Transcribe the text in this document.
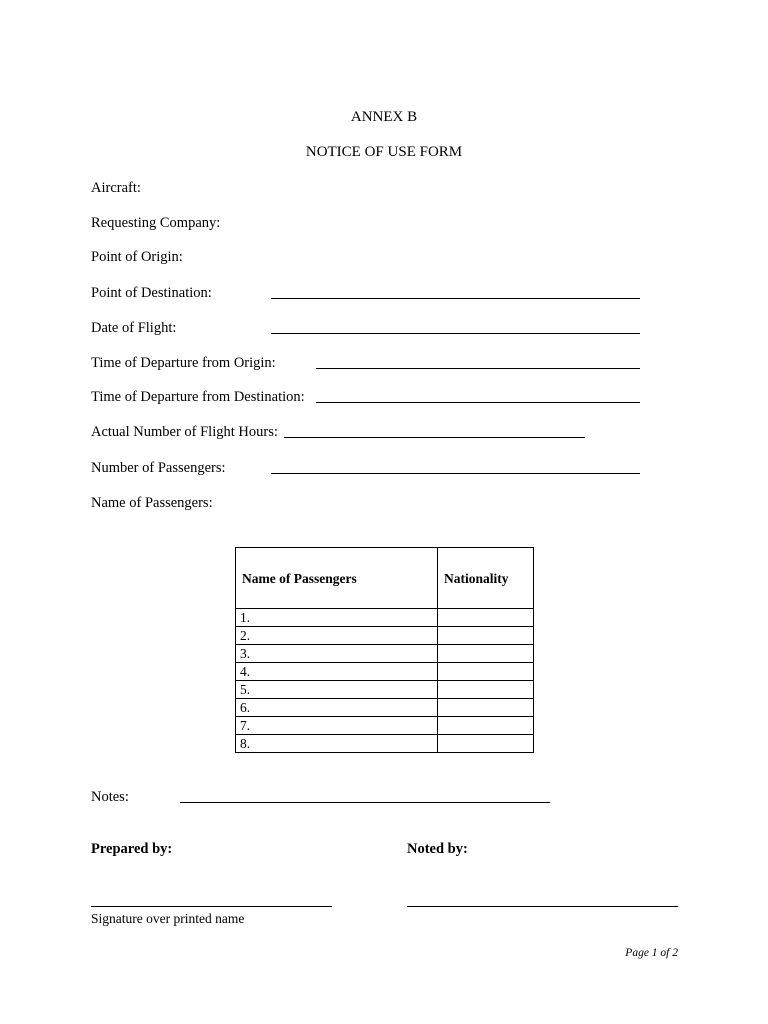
ANNEX B
NOTICE OF USE FORM
Aircraft:
Requesting Company:
Point of Origin:
Point of Destination:
Date of Flight:
Time of Departure from Origin:
Time of Departure from Destination:
Actual Number of Flight Hours:
Number of Passengers:
Name of Passengers:
Name of Passengers	Nationality
1.	
2.	
3.	
4.	
5.	
6.	
7.	
8.	
Notes:
Prepared by:	Noted by:
Signature over printed name
Page 1 of 2
